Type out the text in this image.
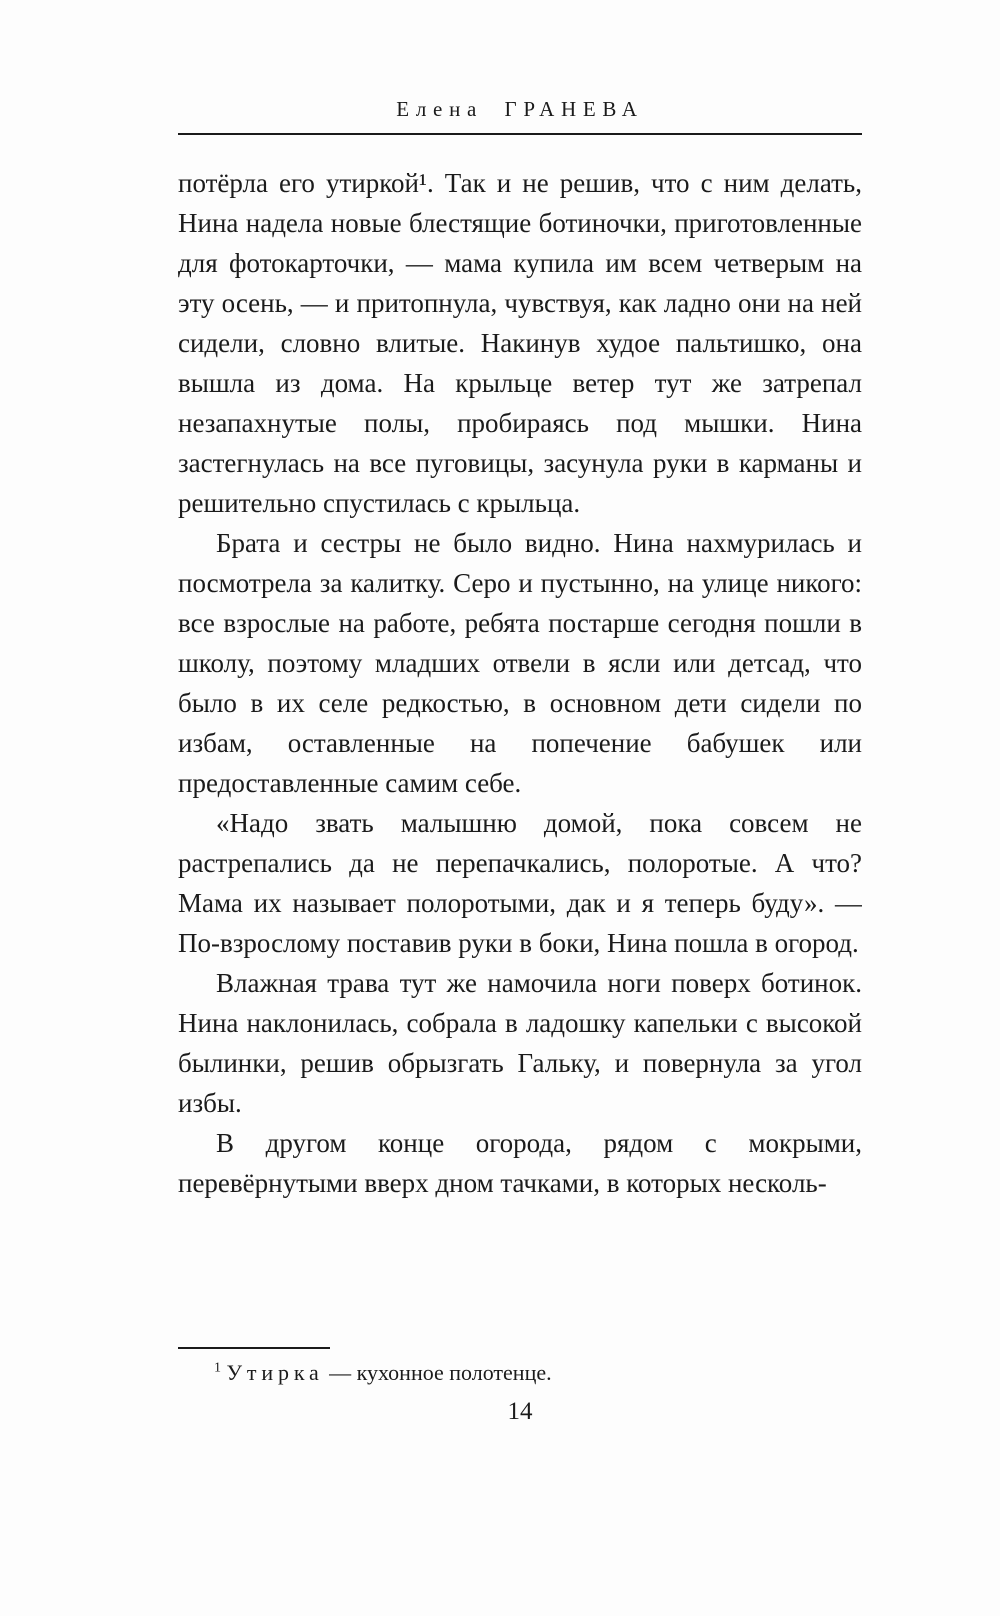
Елена ГРАНЕВА

потёрла его утиркой¹. Так и не решив, что с ним делать, Нина надела новые блестящие ботиночки, приготовленные для фотокарточки, — мама купила им всем четверым на эту осень, — и притопнула, чувствуя, как ладно они на ней сидели, словно влитые. Накинув худое пальтишко, она вышла из дома. На крыльце ветер тут же затрепал незапахнутые полы, пробираясь под мышки. Нина застегнулась на все пуговицы, засунула руки в карманы и решительно спустилась с крыльца.

Брата и сестры не было видно. Нина нахмурилась и посмотрела за калитку. Серо и пустынно, на улице никого: все взрослые на работе, ребята постарше сегодня пошли в школу, поэтому младших отвели в ясли или детсад, что было в их селе редкостью, в основном дети сидели по избам, оставленные на попечение бабушек или предоставленные самим себе.

«Надо звать малышню домой, пока совсем не растрепались да не перепачкались, полоротые. А что? Мама их называет полоротыми, дак и я теперь буду». — По-взрослому поставив руки в боки, Нина пошла в огород.

Влажная трава тут же намочила ноги поверх ботинок. Нина наклонилась, собрала в ладошку капельки с высокой былинки, решив обрызгать Гальку, и повернула за угол избы.

В другом конце огорода, рядом с мокрыми, перевёрнутыми вверх дном тачками, в которых несколь-

$^1$ Утирка — кухонное полотенце.

14
